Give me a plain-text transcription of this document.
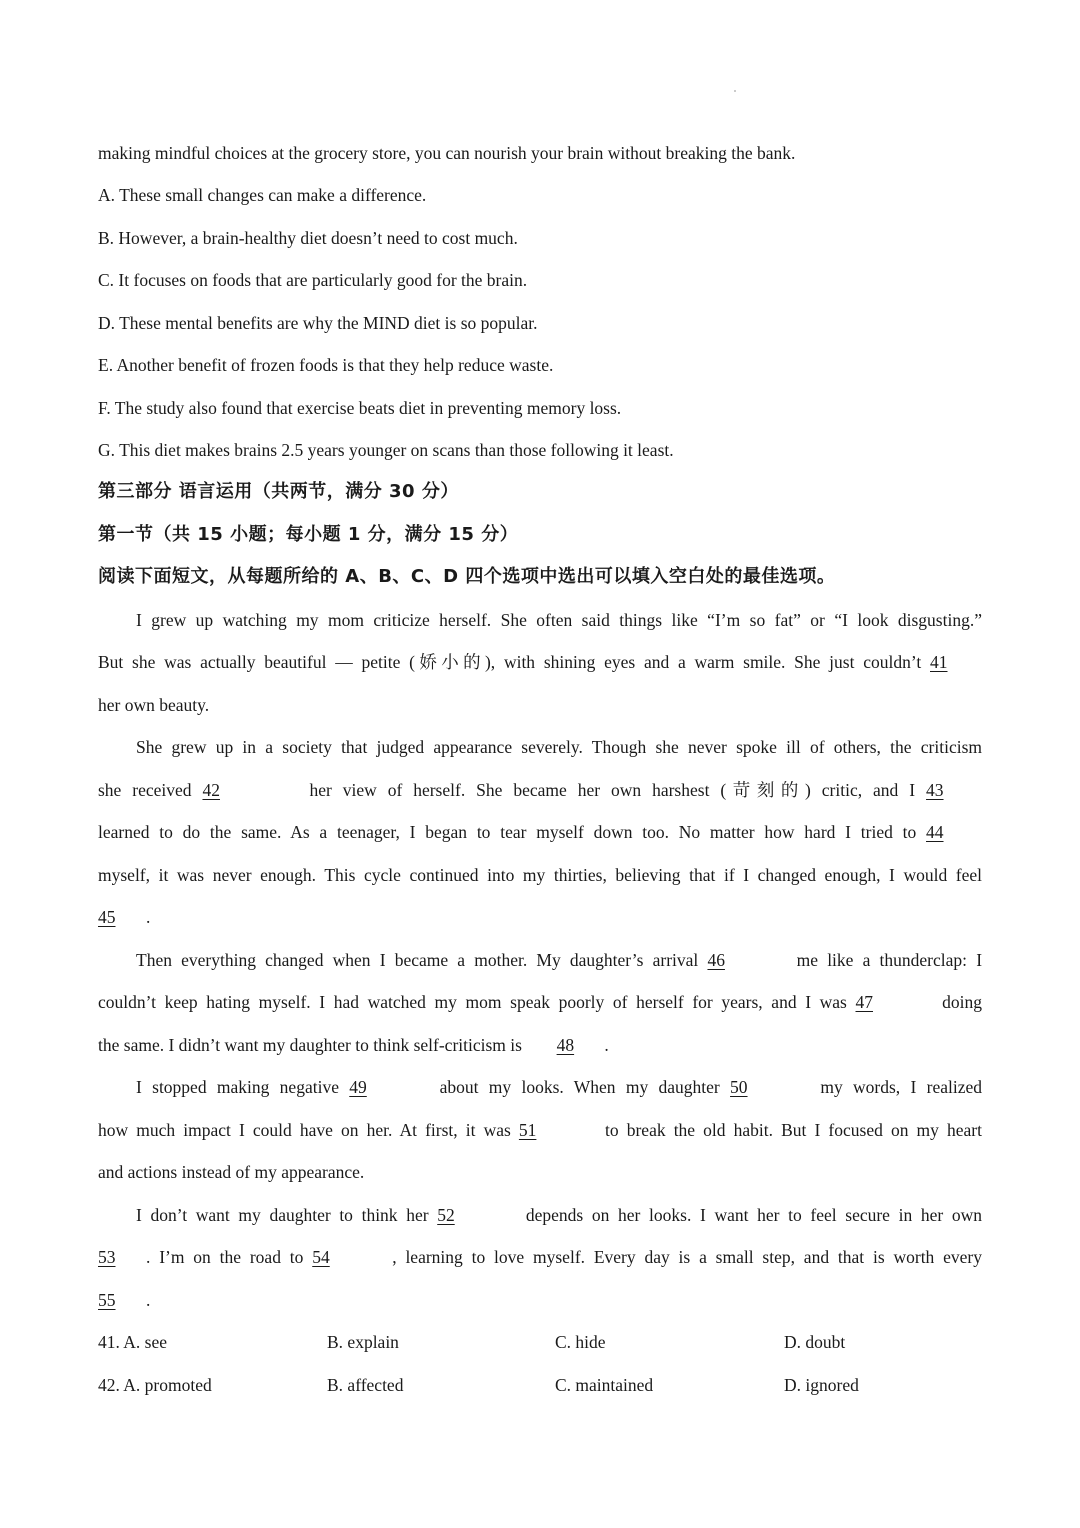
making mindful choices at the grocery store, you can nourish your brain without breaking the bank.
A. These small changes can make a difference.
B. However, a brain-healthy diet doesn’t need to cost much.
C. It focuses on foods that are particularly good for the brain.
D. These mental benefits are why the MIND diet is so popular.
E. Another benefit of frozen foods is that they help reduce waste.
F. The study also found that exercise beats diet in preventing memory loss.
G. This diet makes brains 2.5 years younger on scans than those following it least.
第三部分 语言运用（共两节，满分 30 分）
第一节（共 15 小题；每小题 1 分，满分 15 分）
阅读下面短文，从每题所给的 A、B、C、D 四个选项中选出可以填入空白处的最佳选项。
I grew up watching my mom criticize herself. She often said things like “I’m so fat” or “I look disgusting.”
But she was actually beautiful — petite (娇小的), with shining eyes and a warm smile. She just couldn’t 41
her own beauty.
She grew up in a society that judged appearance severely. Though she never spoke ill of others, the criticism
she received 42	her view of herself. She became her own harshest (苛刻的) critic, and I 43
learned to do the same. As a teenager, I began to tear myself down too. No matter how hard I tried to 44
myself, it was never enough. This cycle continued into my thirties, believing that if I changed enough, I would feel
45 .
Then everything changed when I became a mother. My daughter’s arrival 46	me like a thunderclap: I
couldn’t keep hating myself. I had watched my mom speak poorly of herself for years, and I was 47	doing
the same. I didn’t want my daughter to think self-criticism is 48 .
I stopped making negative 49	about my looks. When my daughter 50	my words, I realized
how much impact I could have on her. At first, it was 51	to break the old habit. But I focused on my heart
and actions instead of my appearance.
I don’t want my daughter to think her 52	depends on her looks. I want her to feel secure in her own
53 . I’m on the road to 54	, learning to love myself. Every day is a small step, and that is worth every
55 .
41. A. see	B. explain	C. hide	D. doubt
42. A. promoted	B. affected	C. maintained	D. ignored
